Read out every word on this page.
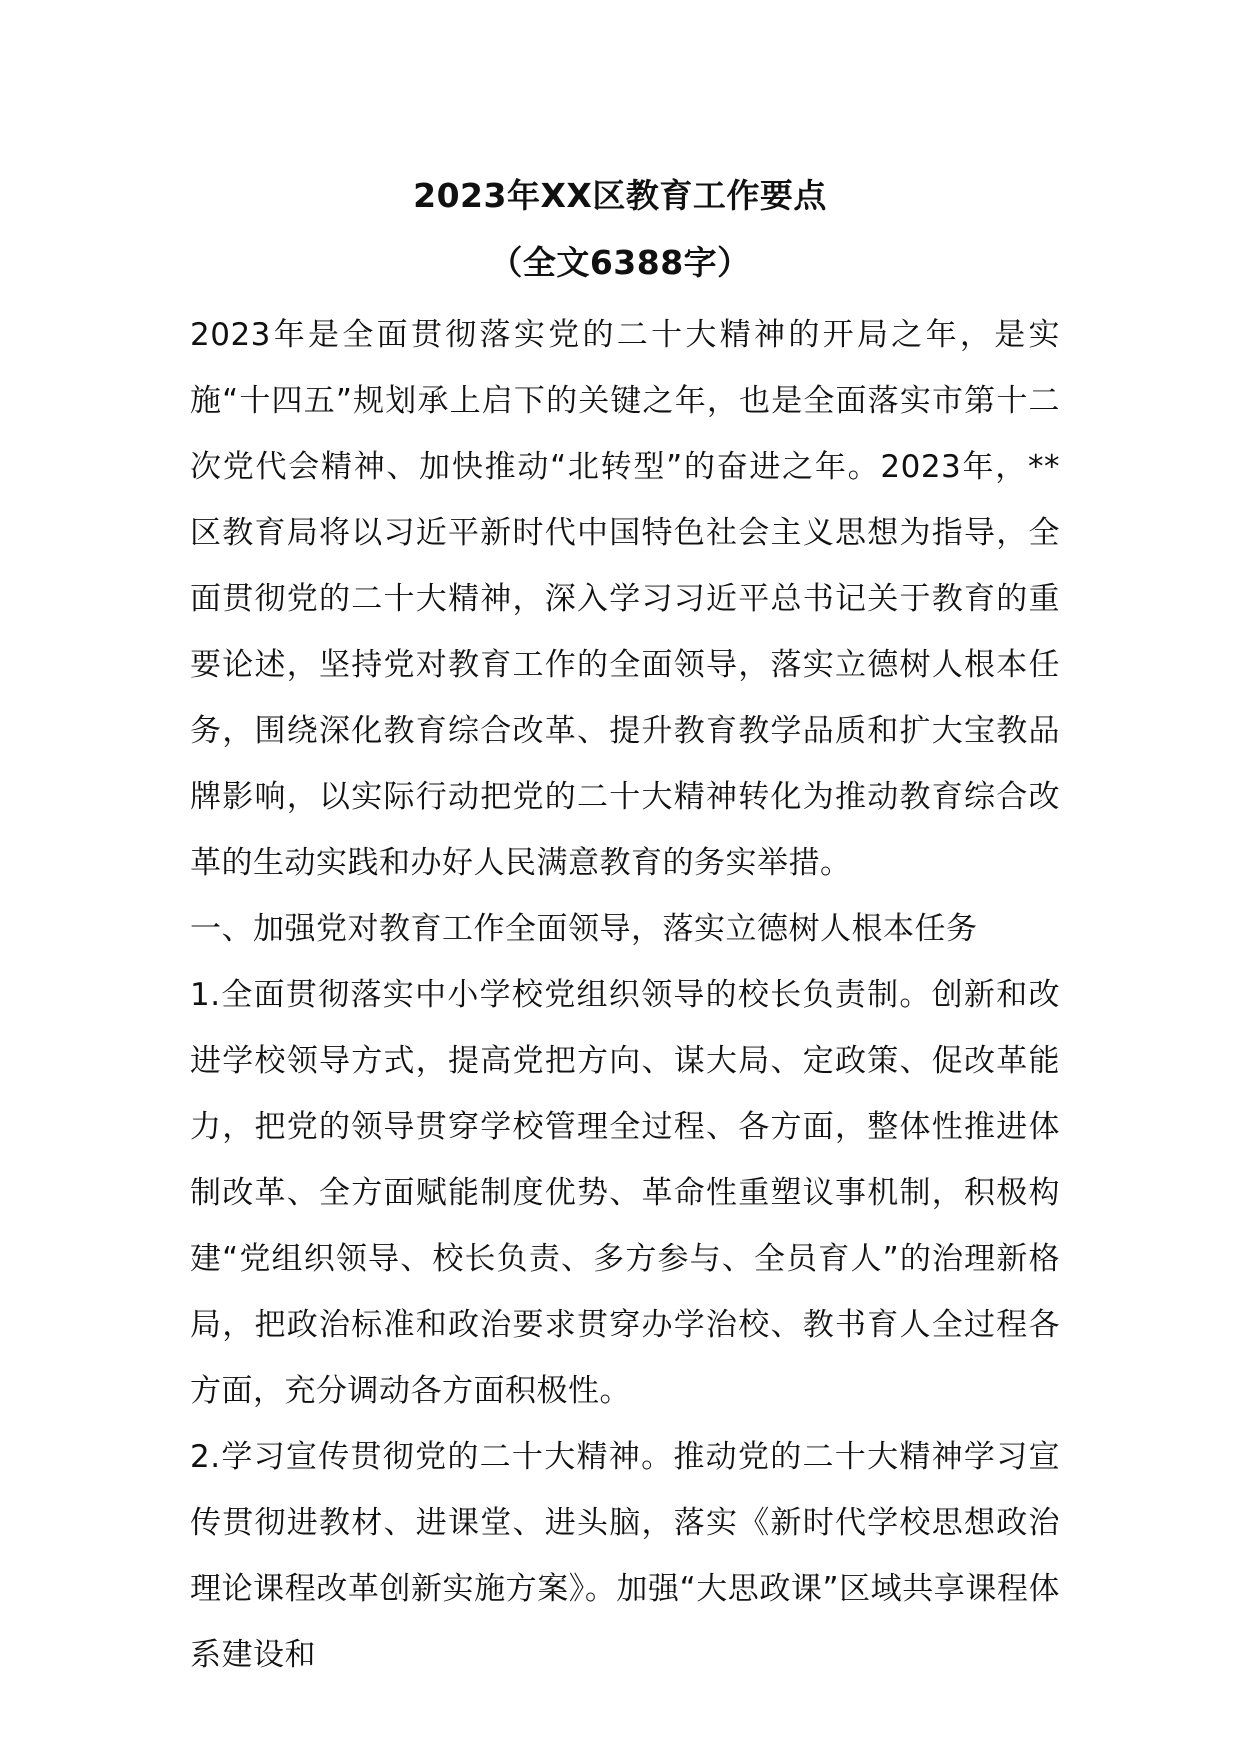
2023年XX区教育工作要点
（全文6388字）

2023年是全面贯彻落实党的二十大精神的开局之年，是实施“十四五”规划承上启下的关键之年，也是全面落实市第十二次党代会精神、加快推动“北转型”的奋进之年。2023年，**区教育局将以习近平新时代中国特色社会主义思想为指导，全面贯彻党的二十大精神，深入学习习近平总书记关于教育的重要论述，坚持党对教育工作的全面领导，落实立德树人根本任务，围绕深化教育综合改革、提升教育教学品质和扩大宝教品牌影响，以实际行动把党的二十大精神转化为推动教育综合改革的生动实践和办好人民满意教育的务实举措。

一、加强党对教育工作全面领导，落实立德树人根本任务

1.全面贯彻落实中小学校党组织领导的校长负责制。创新和改进学校领导方式，提高党把方向、谋大局、定政策、促改革能力，把党的领导贯穿学校管理全过程、各方面，整体性推进体制改革、全方面赋能制度优势、革命性重塑议事机制，积极构建“党组织领导、校长负责、多方参与、全员育人”的治理新格局，把政治标准和政治要求贯穿办学治校、教书育人全过程各方面，充分调动各方面积极性。

2.学习宣传贯彻党的二十大精神。推动党的二十大精神学习宣传贯彻进教材、进课堂、进头脑，落实《新时代学校思想政治理论课程改革创新实施方案》。加强“大思政课”区域共享课程体系建设和
